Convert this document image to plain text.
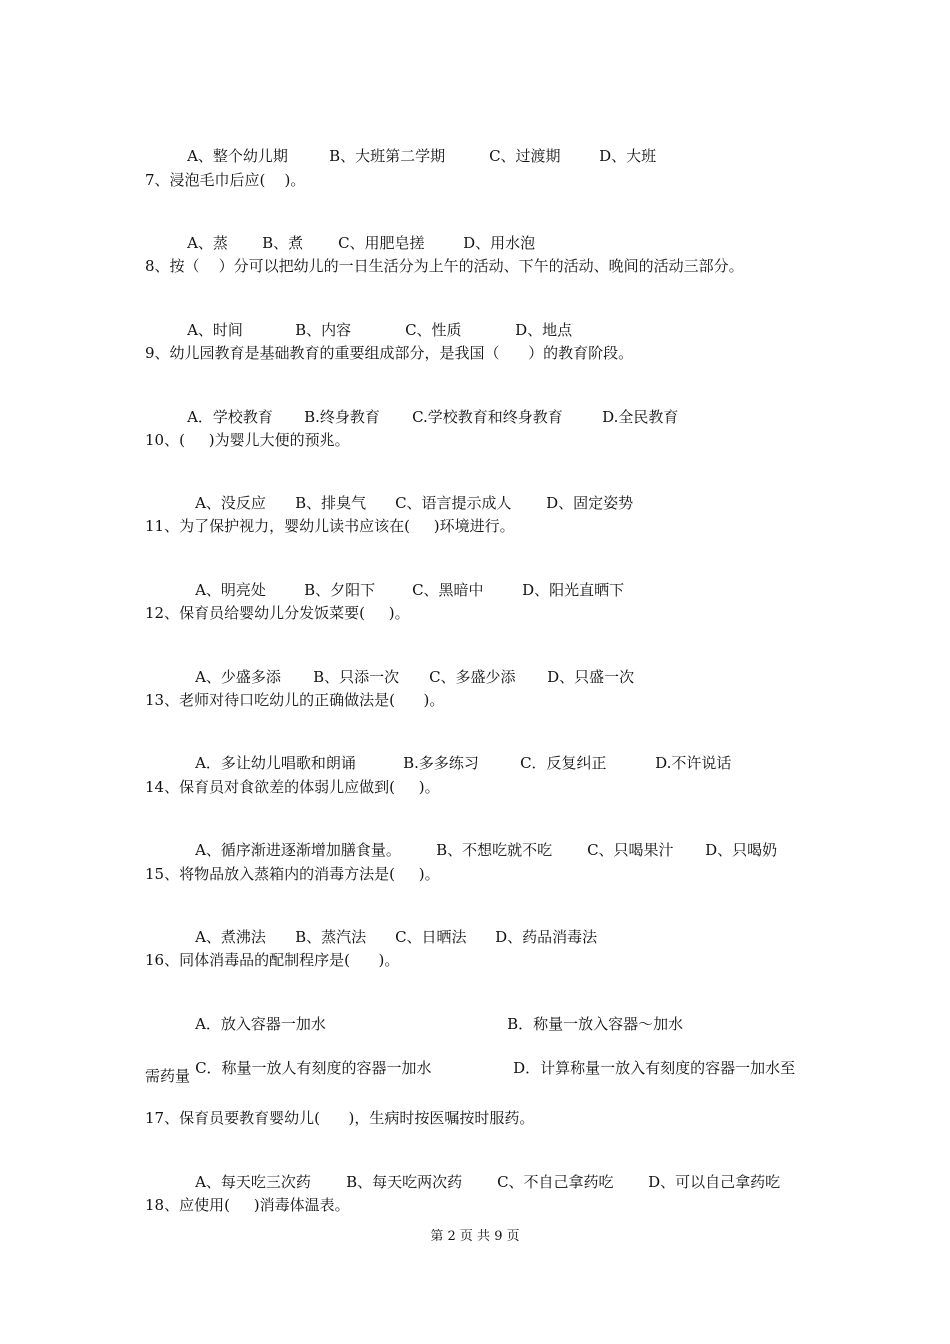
A、整个幼儿期	B、大班第二学期	C、过渡期	D、大班

7、浸泡毛巾后应(    )。

A、蒸 B、煮 C、用肥皂搓	D、用水泡

8、按（    ）分可以把幼儿的一日生活分为上午的活动、下午的活动、晚间的活动三部分。

A、时间	B、内容	C、性质	D、地点

9、幼儿园教育是基础教育的重要组成部分，是我国（      ）的教育阶段。

A．学校教育 B.终身教育 C.学校教育和终身教育	D.全民教育

10、(     )为婴儿大便的预兆。

A、没反应 B、排臭气 C、语言提示成人 D、固定姿势

11、为了保护视力，婴幼儿读书应该在(     )环境进行。

A、明亮处	B、夕阳下 C、黑暗中	D、阳光直晒下

12、保育员给婴幼儿分发饭菜要(     )。

A、少盛多添 B、只添一次 C、多盛少添 D、只盛一次

13、老师对待口吃幼儿的正确做法是(      )。

A．多让幼儿唱歌和朗诵	B.多多练习	C．反复纠正	D.不许说话

14、保育员对食欲差的体弱儿应做到(     )。

A、循序渐进逐渐增加膳食量。 B、不想吃就不吃 C、只喝果汁 D、只喝奶

15、将物品放入蒸箱内的消毒方法是(     )。

A、煮沸法 B、蒸汽法 C、日晒法 D、药品消毒法

16、同体消毒品的配制程序是(      )。

A．放入容器一加水	B．称量一放入容器～加水

C．称量一放人有刻度的容器一加水	D．计算称量一放入有刻度的容器一加水至

需药量
17、保育员要教育婴幼儿(      )，生病时按医嘱按时服药。

A、每天吃三次药 B、每天吃两次药 C、不自己拿药吃 D、可以自己拿药吃

18、应使用(     )消毒体温表。
第 2 页 共 9 页
